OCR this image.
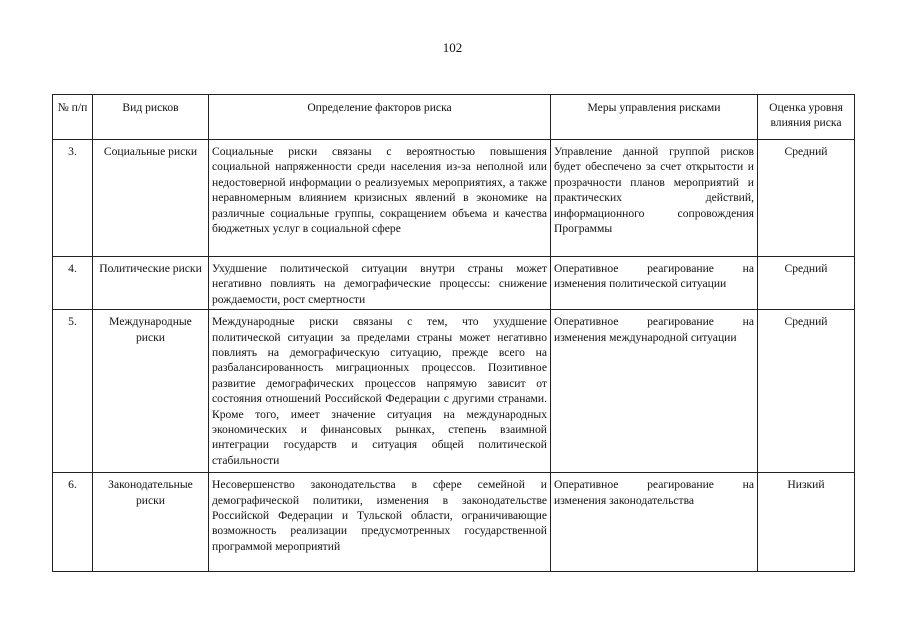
102
№ п/п	Вид рисков	Определение факторов риска	Меры управления рисками	Оценка уровня влияния риска
3.	Социальные риски	Социальные риски связаны с вероятностью повышения социальной напряженности среди населения из-за неполной или недостоверной информации о реализуемых мероприятиях, а также неравномерным влиянием кризисных явлений в экономике на различные социальные группы, сокращением объема и качества бюджетных услуг в социальной сфере	Управление данной группой рисков будет обеспечено за счет открытости и прозрачности планов мероприятий и практических действий, информационного сопровождения Программы	Средний
4.	Политические риски	Ухудшение политической ситуации внутри страны может негативно повлиять на демографические процессы: снижение рождаемости, рост смертности	Оперативное реагирование на изменения политической ситуации	Средний
5.	Международные риски	Международные риски связаны с тем, что ухудшение политической ситуации за пределами страны может негативно повлиять на демографическую ситуацию, прежде всего на разбалансированность миграционных процессов. Позитивное развитие демографических процессов напрямую зависит от состояния отношений Российской Федерации с другими странами. Кроме того, имеет значение ситуация на международных экономических и финансовых рынках, степень взаимной интеграции государств и ситуация общей политической стабильности	Оперативное реагирование на изменения международной ситуации	Средний
6.	Законодательные риски	Несовершенство законодательства в сфере семейной и демографической политики, изменения в законодательстве Российской Федерации и Тульской области, ограничивающие возможность реализации предусмотренных государственной программой мероприятий	Оперативное реагирование на изменения законодательства	Низкий
